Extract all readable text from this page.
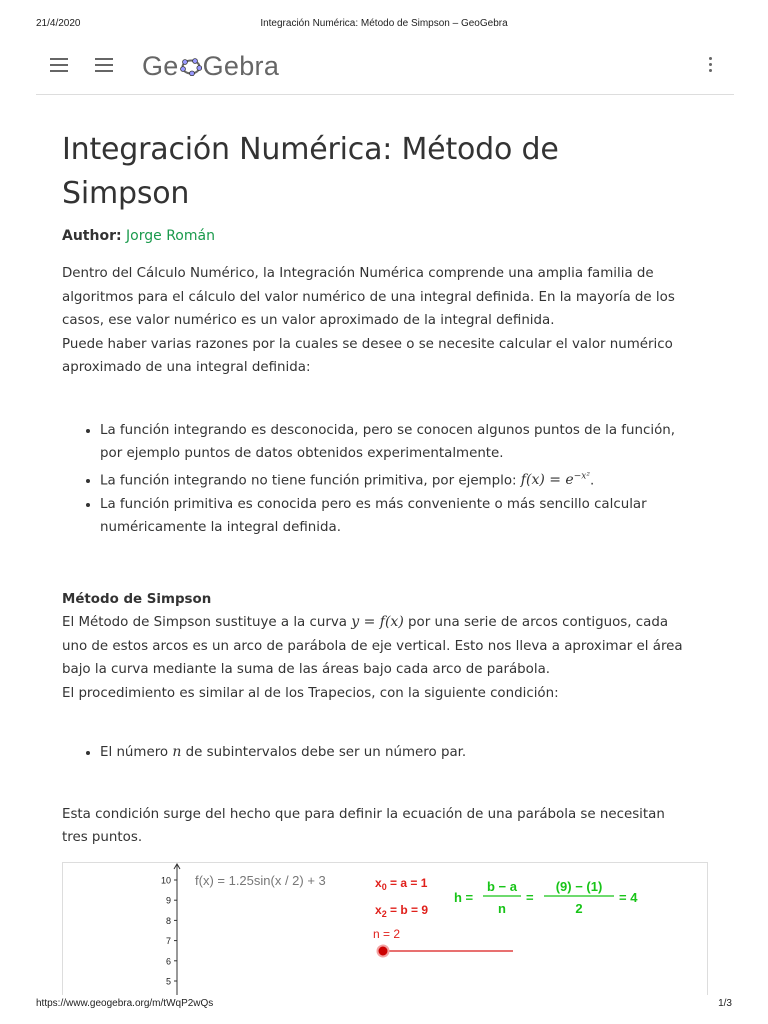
21/4/2020	Integración Numérica: Método de Simpson – GeoGebra
Ge Gebra
Integración Numérica: Método de Simpson
Author: Jorge Román

Dentro del Cálculo Numérico, la Integración Numérica comprende una amplia familia de algoritmos para el cálculo del valor numérico de una integral definida. En la mayoría de los casos, ese valor numérico es un valor aproximado de la integral definida.
Puede haber varias razones por la cuales se desee o se necesite calcular el valor numérico aproximado de una integral definida:

• La función integrando es desconocida, pero se conocen algunos puntos de la función, por ejemplo puntos de datos obtenidos experimentalmente.
• La función integrando no tiene función primitiva, por ejemplo: $f(x) = e^{-x^2}$.
• La función primitiva es conocida pero es más conveniente o más sencillo calcular numéricamente la integral definida.
Método de Simpson

El Método de Simpson sustituye a la curva y = f(x) por una serie de arcos contiguos, cada uno de estos arcos es un arco de parábola de eje vertical. Esto nos lleva a aproximar el área bajo la curva mediante la suma de las áreas bajo cada arco de parábola.
El procedimiento es similar al de los Trapecios, con la siguiente condición:

• El número n de subintervalos debe ser un número par.

Esta condición surge del hecho que para definir la ecuación de una parábola se necesitan tres puntos.

10
9
8
7
6
5
f(x) = 1.25sin(x / 2) + 3	$x_0 = a = 1$
$x_2 = b = 9$
n = 2
h =
b − a
n
=
(9) − (1)
2
= 4
https://www.geogebra.org/m/tWqP2wQs	1/3
